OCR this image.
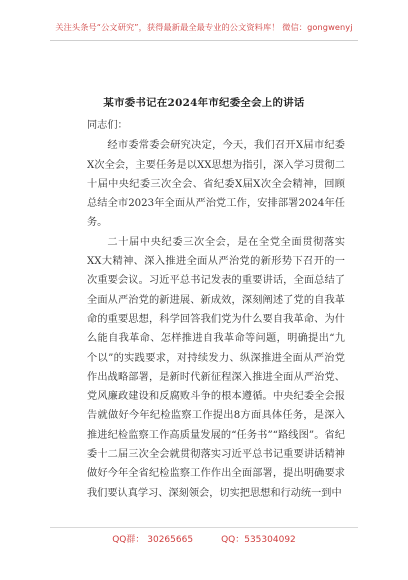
关注头条号“公文研究”，获得最新最全最专业的公文资料库！ 微信：gongwenyj
某市委书记在2024年市纪委全会上的讲话

同志们：

经市委常委会研究决定，今天，我们召开X届市纪委X次全会，主要任务是以XX思想为指引，深入学习贯彻二十届中央纪委三次全会、省纪委X届X次全会精神，回顾总结全市2023年全面从严治党工作，安排部署2024年任务。

二十届中央纪委三次全会，是在全党全面贯彻落实XX大精神、深入推进全面从严治党的新形势下召开的一次重要会议。习近平总书记发表的重要讲话，全面总结了全面从严治党的新进展、新成效，深刻阐述了党的自我革命的重要思想，科学回答我们党为什么要自我革命、为什么能自我革命、怎样推进自我革命等问题，明确提出“九个以”的实践要求，对持续发力、纵深推进全面从严治党作出战略部署，是新时代新征程深入推进全面从严治党、党风廉政建设和反腐败斗争的根本遵循。中央纪委全会报告就做好今年纪检监察工作提出8方面具体任务，是深入推进纪检监察工作高质量发展的“任务书”“路线图”。省纪委十二届三次全会就贯彻落实习近平总书记重要讲话精神做好今年全省纪检监察工作作出全面部署，提出明确要求我们要认真学习、深刻领会，切实把思想和行动统一到中

QQ群： 30265665	QQ：535304092
